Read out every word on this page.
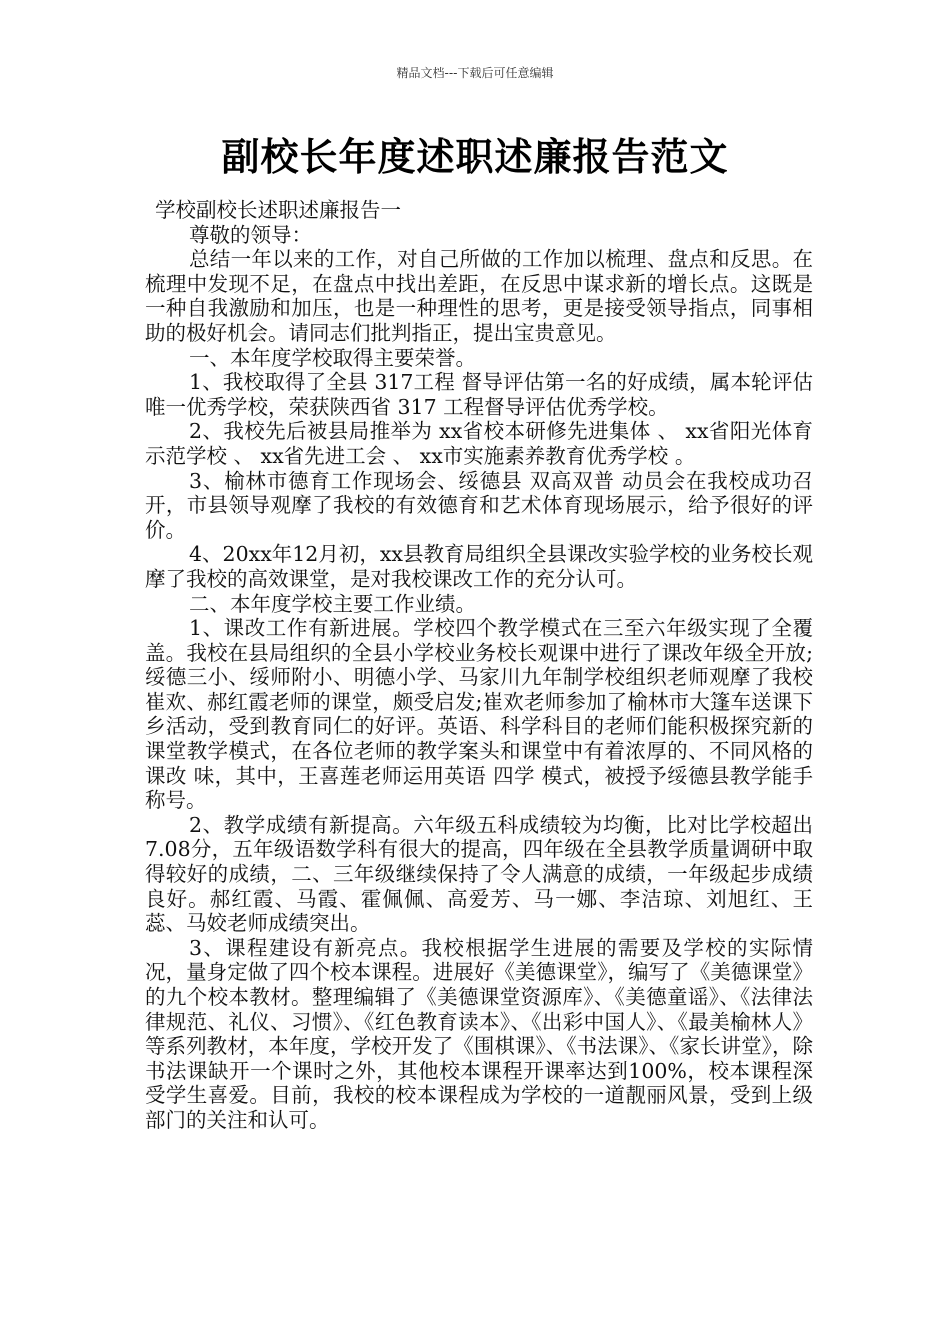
精品文档---下载后可任意编辑
副校长年度述职述廉报告范文

学校副校长述职述廉报告一

尊敬的领导：

总结一年以来的工作，对自己所做的工作加以梳理、盘点和反思。在梳理中发现不足，在盘点中找出差距，在反思中谋求新的增长点。这既是一种自我激励和加压，也是一种理性的思考，更是接受领导指点，同事相助的极好机会。请同志们批判指正，提出宝贵意见。

一、本年度学校取得主要荣誉。

1、我校取得了全县 317工程 督导评估第一名的好成绩，属本轮评估唯一优秀学校，荣获陕西省 317 工程督导评估优秀学校。

2、我校先后被县局推举为 xx省校本研修先进集体 、 xx省阳光体育示范学校 、 xx省先进工会 、 xx市实施素养教育优秀学校 。

3、榆林市德育工作现场会、绥德县 双高双普 动员会在我校成功召开，市县领导观摩了我校的有效德育和艺术体育现场展示，给予很好的评价。

4、20xx年12月初，xx县教育局组织全县课改实验学校的业务校长观摩了我校的高效课堂，是对我校课改工作的充分认可。

二、本年度学校主要工作业绩。

1、课改工作有新进展。学校四个教学模式在三至六年级实现了全覆盖。我校在县局组织的全县小学校业务校长观课中进行了课改年级全开放;绥德三小、绥师附小、明德小学、马家川九年制学校组织老师观摩了我校崔欢、郝红霞老师的课堂，颇受启发;崔欢老师参加了榆林市大篷车送课下乡活动，受到教育同仁的好评。英语、科学科目的老师们能积极探究新的课堂教学模式，在各位老师的教学案头和课堂中有着浓厚的、不同风格的 课改 味，其中，王喜莲老师运用英语 四学 模式，被授予绥德县教学能手称号。

2、教学成绩有新提高。六年级五科成绩较为均衡，比对比学校超出7.08分，五年级语数学科有很大的提高，四年级在全县教学质量调研中取得较好的成绩，二、三年级继续保持了令人满意的成绩，一年级起步成绩良好。郝红霞、马霞、霍佩佩、高爱芳、马一娜、李洁琼、刘旭红、王蕊、马姣老师成绩突出。

3、课程建设有新亮点。我校根据学生进展的需要及学校的实际情况，量身定做了四个校本课程。进展好《美德课堂》，编写了《美德课堂》的九个校本教材。整理编辑了《美德课堂资源库》、《美德童谣》、《法律法律规范、礼仪、习惯》、《红色教育读本》、《出彩中国人》、《最美榆林人》等系列教材，本年度，学校开发了《围棋课》、《书法课》、《家长讲堂》，除书法课缺开一个课时之外，其他校本课程开课率达到100%，校本课程深受学生喜爱。目前，我校的校本课程成为学校的一道靓丽风景，受到上级部门的关注和认可。
